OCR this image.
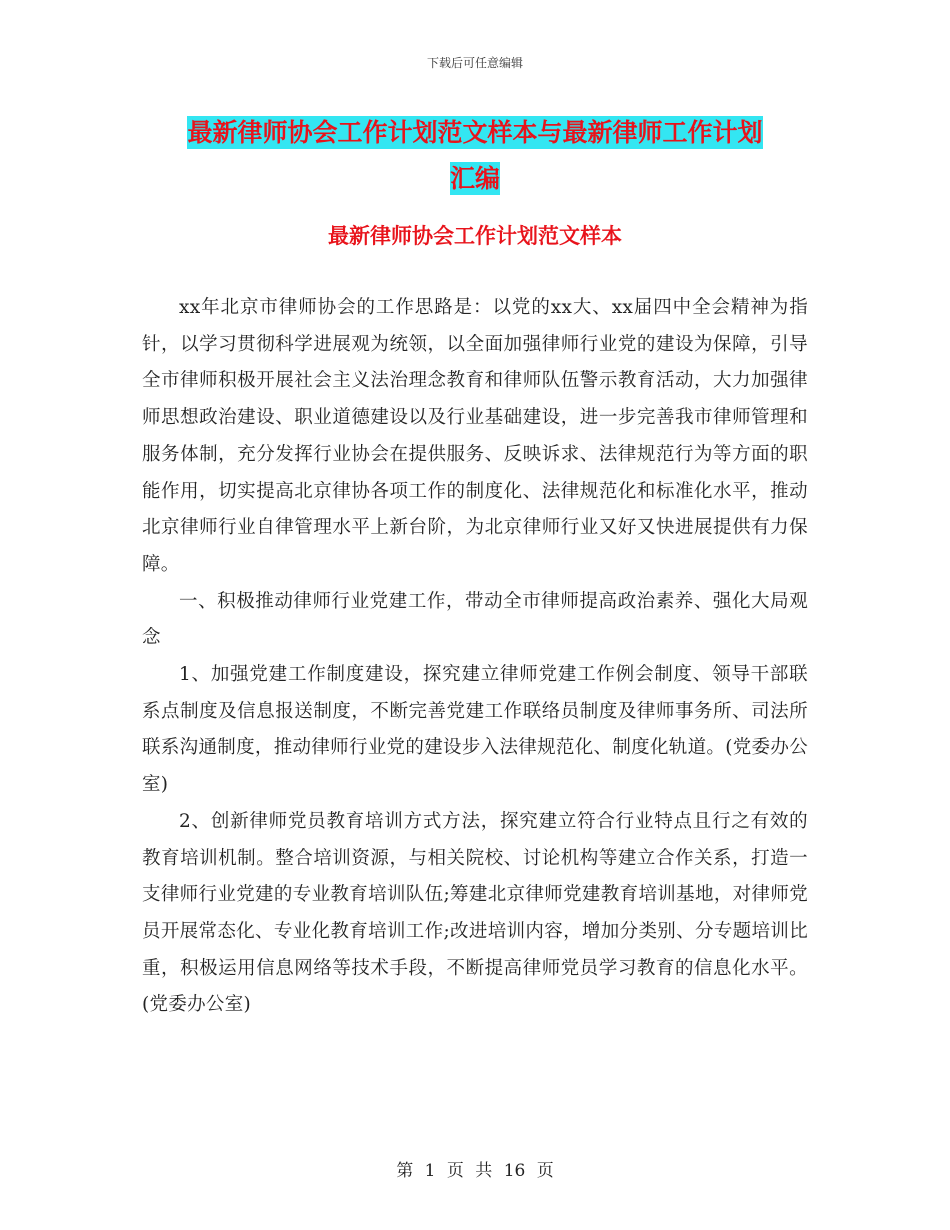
下载后可任意编辑
最新律师协会工作计划范文样本与最新律师工作计划
汇编
最新律师协会工作计划范文样本

xx年北京市律师协会的工作思路是：以党的xx大、xx届四中全会精神为指针，以学习贯彻科学进展观为统领，以全面加强律师行业党的建设为保障，引导全市律师积极开展社会主义法治理念教育和律师队伍警示教育活动，大力加强律师思想政治建设、职业道德建设以及行业基础建设，进一步完善我市律师管理和服务体制，充分发挥行业协会在提供服务、反映诉求、法律规范行为等方面的职能作用，切实提高北京律协各项工作的制度化、法律规范化和标准化水平，推动北京律师行业自律管理水平上新台阶，为北京律师行业又好又快进展提供有力保障。

一、积极推动律师行业党建工作，带动全市律师提高政治素养、强化大局观念

1、加强党建工作制度建设，探究建立律师党建工作例会制度、领导干部联系点制度及信息报送制度，不断完善党建工作联络员制度及律师事务所、司法所联系沟通制度，推动律师行业党的建设步入法律规范化、制度化轨道。(党委办公室)

2、创新律师党员教育培训方式方法，探究建立符合行业特点且行之有效的教育培训机制。整合培训资源，与相关院校、讨论机构等建立合作关系，打造一支律师行业党建的专业教育培训队伍;筹建北京律师党建教育培训基地，对律师党员开展常态化、专业化教育培训工作;改进培训内容，增加分类别、分专题培训比重，积极运用信息网络等技术手段，不断提高律师党员学习教育的信息化水平。(党委办公室)

第 1 页 共 16 页
